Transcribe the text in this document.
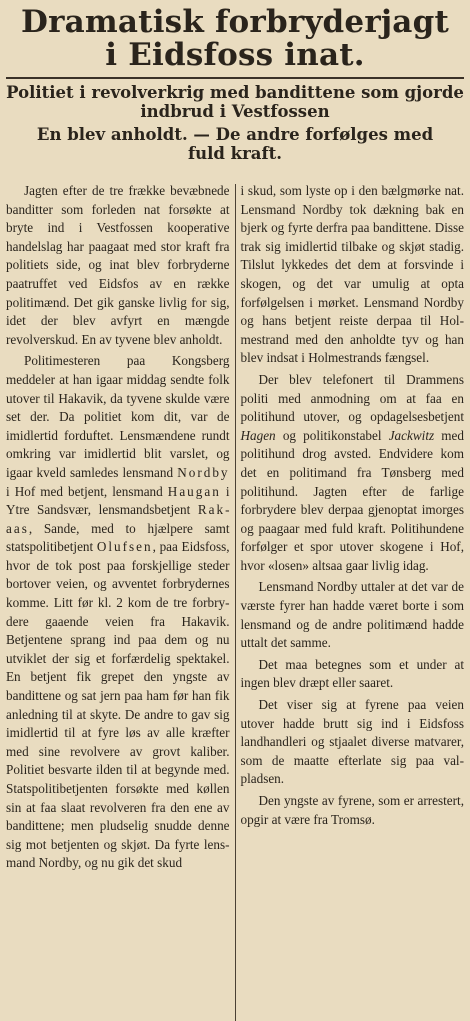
Dramatisk forbryderjagt
i Eidsfoss inat.
Politiet i revolverkrig med bandittene som gjorde
indbrud i Vestfossen
En blev anholdt. — De andre forfølges med
fuld kraft.

Jagten efter de tre frække bevæbnede banditter som forleden nat forsøkte at bryte ind i Vestfossen kooperative handelslag har paagaat med stor kraft fra politiets side, og inat blev forbryderne paatruffet ved Eidsfos av en række politimænd. Det gik ganske livlig for sig, idet der blev avfyrt en mængde revolverskud. En av tyvene blev anholdt.

Politimesteren paa Kongsberg meddeler at han igaar middag sendte folk utover til Hakavik, da tyvene skulde være set der. Da politiet kom dit, var de imidlertid forduftet. Lensmændene rundt omkring var imidlertid blit varslet, og igaar kveld samledes lensmand Nordby i Hof med betjent, lensmand Haugan i Ytre Sandsvær, lensmandsbetjent Rakaas, Sande, med to hjælpere samt statspolitibetjent Olufsen, paa Eidsfoss, hvor de tok post paa forskjellige steder bortover veien, og avventet forbrydernes komme. Litt før kl. 2 kom de tre forbrydere gaaende veien fra Hakavik. Betjentene sprang ind paa dem og nu utviklet der sig et forfærdelig spektakel. En betjent fik grepet den yngste av bandittene og sat jern paa ham før han fik anledning til at skyte. De andre to gav sig imidlertid til at fyre løs av alle kræfter med sine revolvere av grovt kaliber. Politiet besvarte ilden til at begynde med. Statspolitibetjenten forsøkte med køllen sin at faa slaat revolveren fra den ene av bandittene; men pludselig snudde denne sig mot betjenten og skjøt. Da fyrte lensmand Nordby, og nu gik det skud

i skud, som lyste op i den bælgmørke nat. Lensmand Nordby tok dækning bak en bjerk og fyrte derfra paa bandittene. Disse trak sig imidlertid tilbake og skjøt stadig. Tilslut lykkedes det dem at forsvinde i skogen, og det var umulig at opta forfølgelsen i mørket. Lensmand Nordby og hans betjent reiste derpaa til Holmestrand med den anholdte tyv og han blev indsat i Holmestrands fængsel.

Der blev telefonert til Drammens politi med anmodning om at faa en politihund utover, og opdagelsesbetjent Hagen og politikonstabel Jackwitz med politihund drog avsted. Endvidere kom det en politimand fra Tønsberg med politihund. Jagten efter de farlige forbrydere blev derpaa gjenoptat imorges og paagaar med fuld kraft. Politihundene forfølger et spor utover skogene i Hof, hvor «losen» altsaa gaar livlig idag.

Lensmand Nordby uttaler at det var de værste fyrer han hadde været borte i som lensmand og de andre politimænd hadde uttalt det samme.

Det maa betegnes som et under at ingen blev dræpt eller saaret.

Det viser sig at fyrene paa veien utover hadde brutt sig ind i Eidsfoss landhandleri og stjaalet diverse matvarer, som de maatte efterlate sig paa valpladsen.

Den yngste av fyrene, som er arrestert, opgir at være fra Tromsø.
